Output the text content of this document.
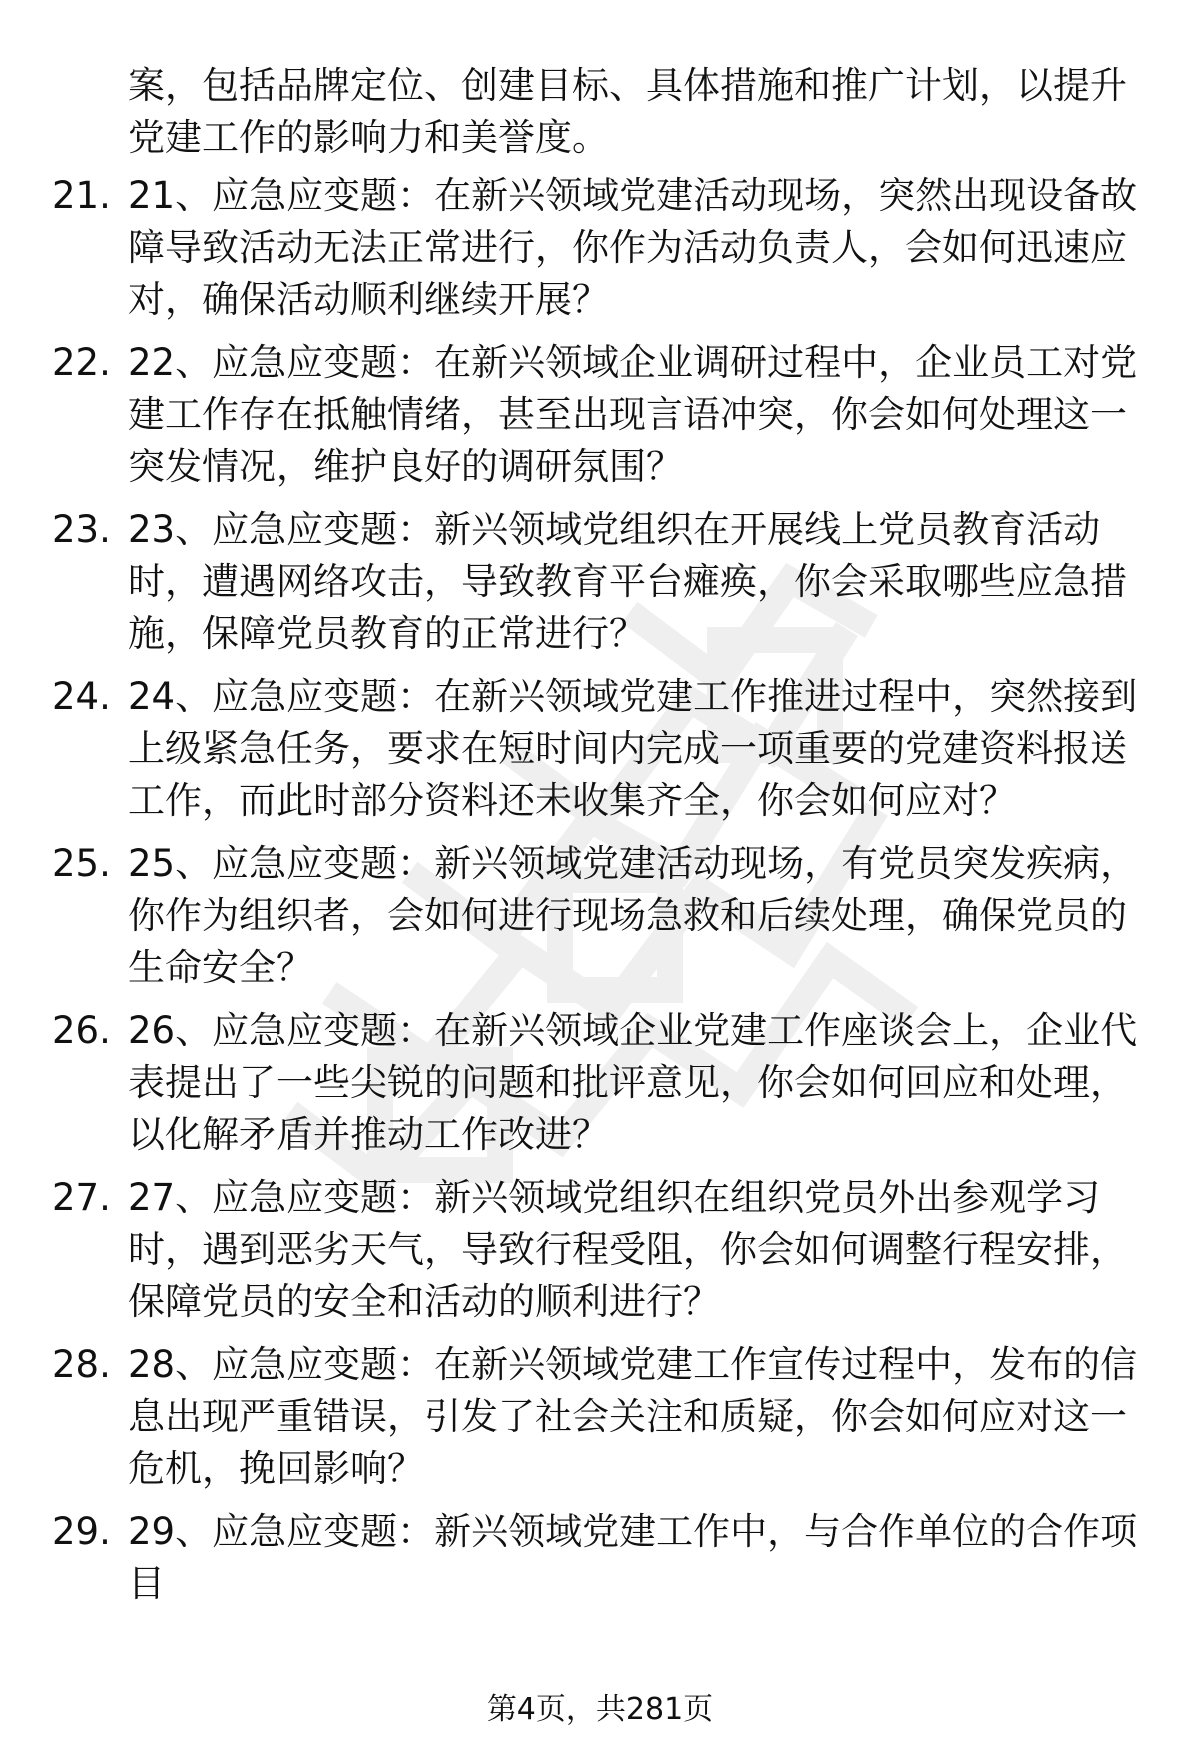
案，包括品牌定位、创建目标、具体措施和推广计划，以提升党建工作的影响力和美誉度。
21. 21、应急应变题：在新兴领域党建活动现场，突然出现设备故障导致活动无法正常进行，你作为活动负责人，会如何迅速应对，确保活动顺利继续开展？
22. 22、应急应变题：在新兴领域企业调研过程中，企业员工对党建工作存在抵触情绪，甚至出现言语冲突，你会如何处理这一突发情况，维护良好的调研氛围？
23. 23、应急应变题：新兴领域党组织在开展线上党员教育活动时，遭遇网络攻击，导致教育平台瘫痪，你会采取哪些应急措施，保障党员教育的正常进行？
24. 24、应急应变题：在新兴领域党建工作推进过程中，突然接到上级紧急任务，要求在短时间内完成一项重要的党建资料报送工作，而此时部分资料还未收集齐全，你会如何应对？
25. 25、应急应变题：新兴领域党建活动现场，有党员突发疾病，你作为组织者，会如何进行现场急救和后续处理，确保党员的生命安全？
26. 26、应急应变题：在新兴领域企业党建工作座谈会上，企业代表提出了一些尖锐的问题和批评意见，你会如何回应和处理，以化解矛盾并推动工作改进？
27. 27、应急应变题：新兴领域党组织在组织党员外出参观学习时，遇到恶劣天气，导致行程受阻，你会如何调整行程安排，保障党员的安全和活动的顺利进行？
28. 28、应急应变题：在新兴领域党建工作宣传过程中，发布的信息出现严重错误，引发了社会关注和质疑，你会如何应对这一危机，挽回影响？
29. 29、应急应变题：新兴领域党建工作中，与合作单位的合作项目
第4页，共281页
